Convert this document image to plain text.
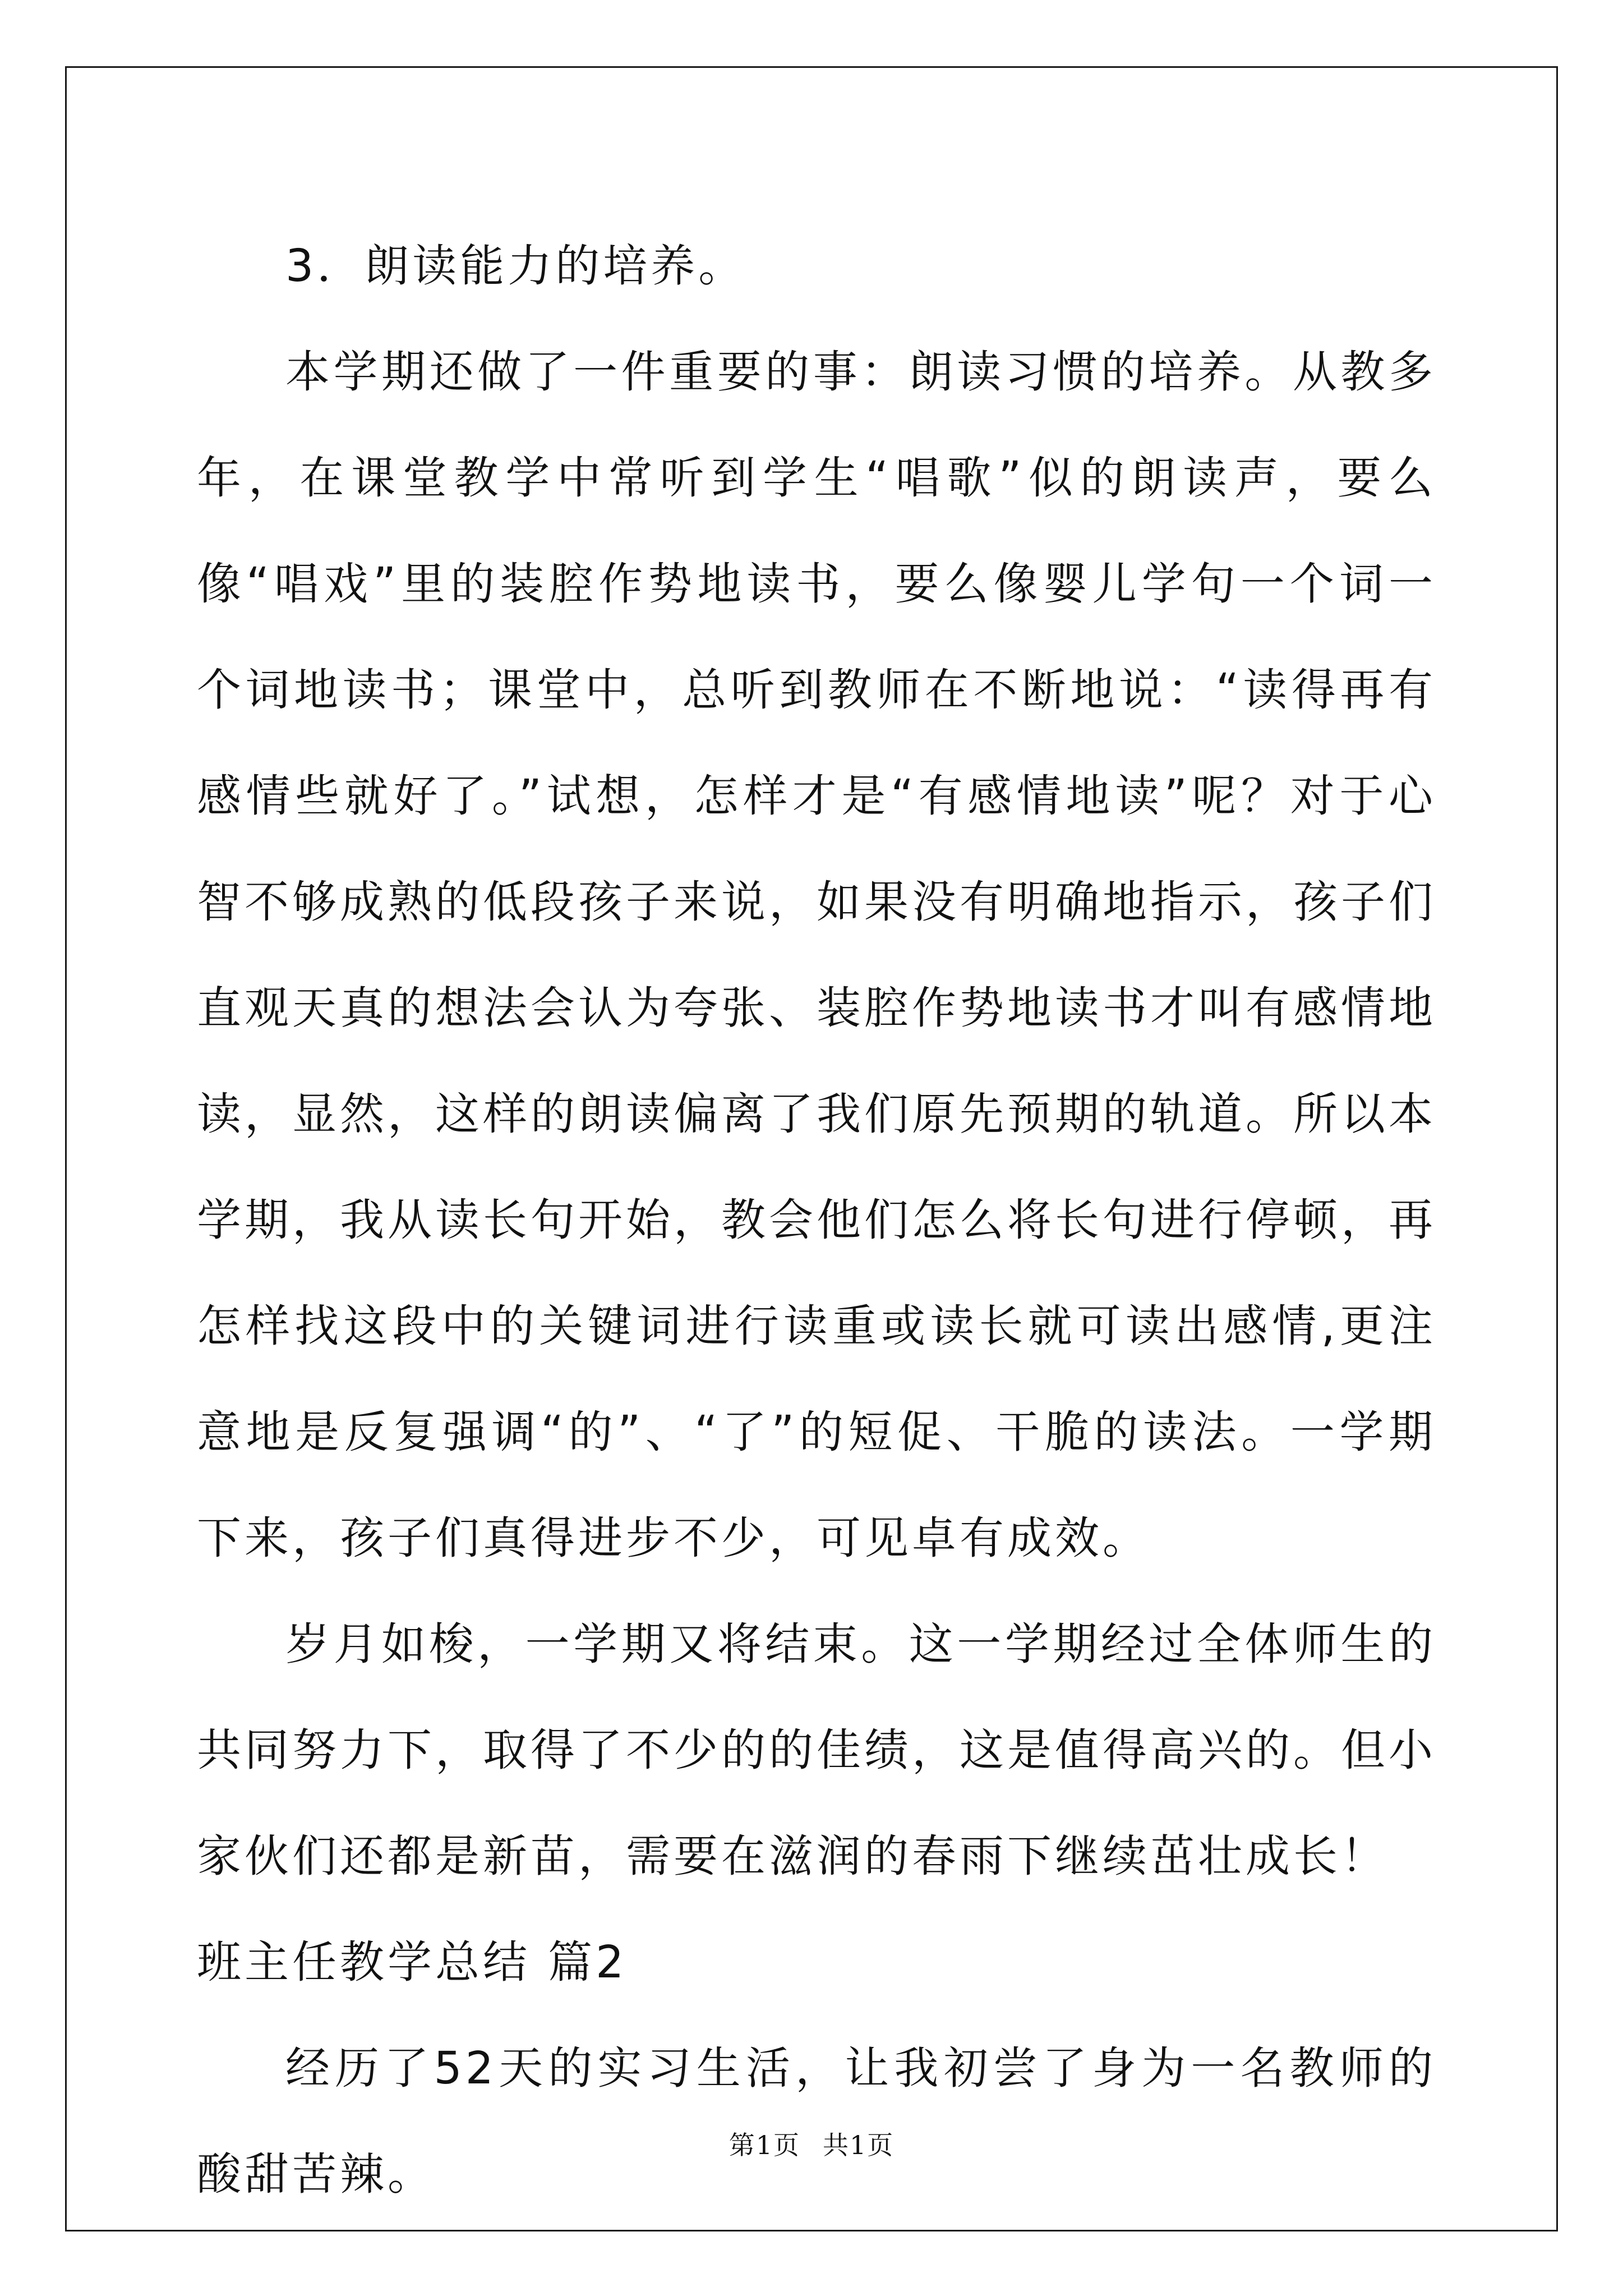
3．朗读能力的培养。

本学期还做了一件重要的事：朗读习惯的培养。从教多年，在课堂教学中常听到学生“唱歌”似的朗读声，要么像“唱戏”里的装腔作势地读书，要么像婴儿学句一个词一个词地读书；课堂中，总听到教师在不断地说：“读得再有感情些就好了。”试想，怎样才是“有感情地读”呢？对于心智不够成熟的低段孩子来说，如果没有明确地指示，孩子们直观天真的想法会认为夸张、装腔作势地读书才叫有感情地读，显然，这样的朗读偏离了我们原先预期的轨道。所以本学期，我从读长句开始，教会他们怎么将长句进行停顿，再怎样找这段中的关键词进行读重或读长就可读出感情,更注意地是反复强调“的”、“了”的短促、干脆的读法。一学期下来，孩子们真得进步不少，可见卓有成效。

岁月如梭，一学期又将结束。这一学期经过全体师生的共同努力下，取得了不少的的佳绩，这是值得高兴的。但小家伙们还都是新苗，需要在滋润的春雨下继续茁壮成长！

班主任教学总结 篇2

经历了52天的实习生活，让我初尝了身为一名教师的酸甜苦辣。

第1页 共1页
